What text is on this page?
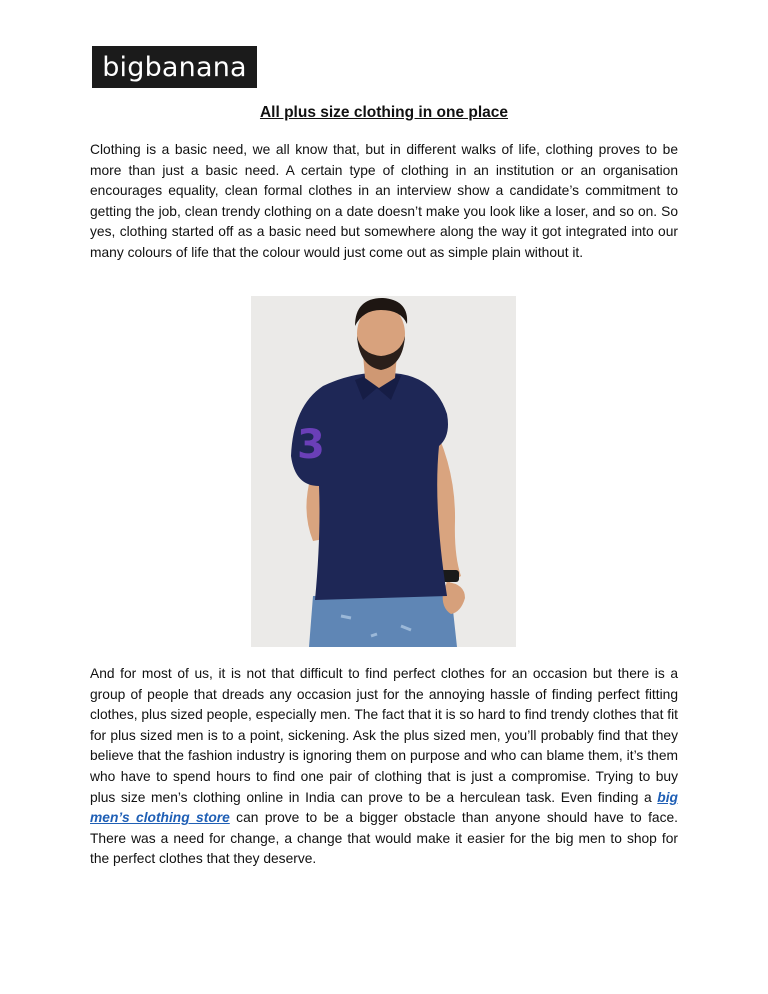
bigbanana
All plus size clothing in one place

Clothing is a basic need, we all know that, but in different walks of life, clothing proves to be more than just a basic need. A certain type of clothing in an institution or an organisation encourages equality, clean formal clothes in an interview show a candidate’s commitment to getting the job, clean trendy clothing on a date doesn’t make you look like a loser, and so on. So yes, clothing started off as a basic need but somewhere along the way it got integrated into our many colours of life that the colour would just come out as simple plain without it.

3

And for most of us, it is not that difficult to find perfect clothes for an occasion but there is a group of people that dreads any occasion just for the annoying hassle of finding perfect fitting clothes, plus sized people, especially men. The fact that it is so hard to find trendy clothes that fit for plus sized men is to a point, sickening. Ask the plus sized men, you’ll probably find that they believe that the fashion industry is ignoring them on purpose and who can blame them, it’s them who have to spend hours to find one pair of clothing that is just a compromise. Trying to buy plus size men’s clothing online in India can prove to be a herculean task. Even finding a big men’s clothing store can prove to be a bigger obstacle than anyone should have to face. There was a need for change, a change that would make it easier for the big men to shop for the perfect clothes that they deserve.
